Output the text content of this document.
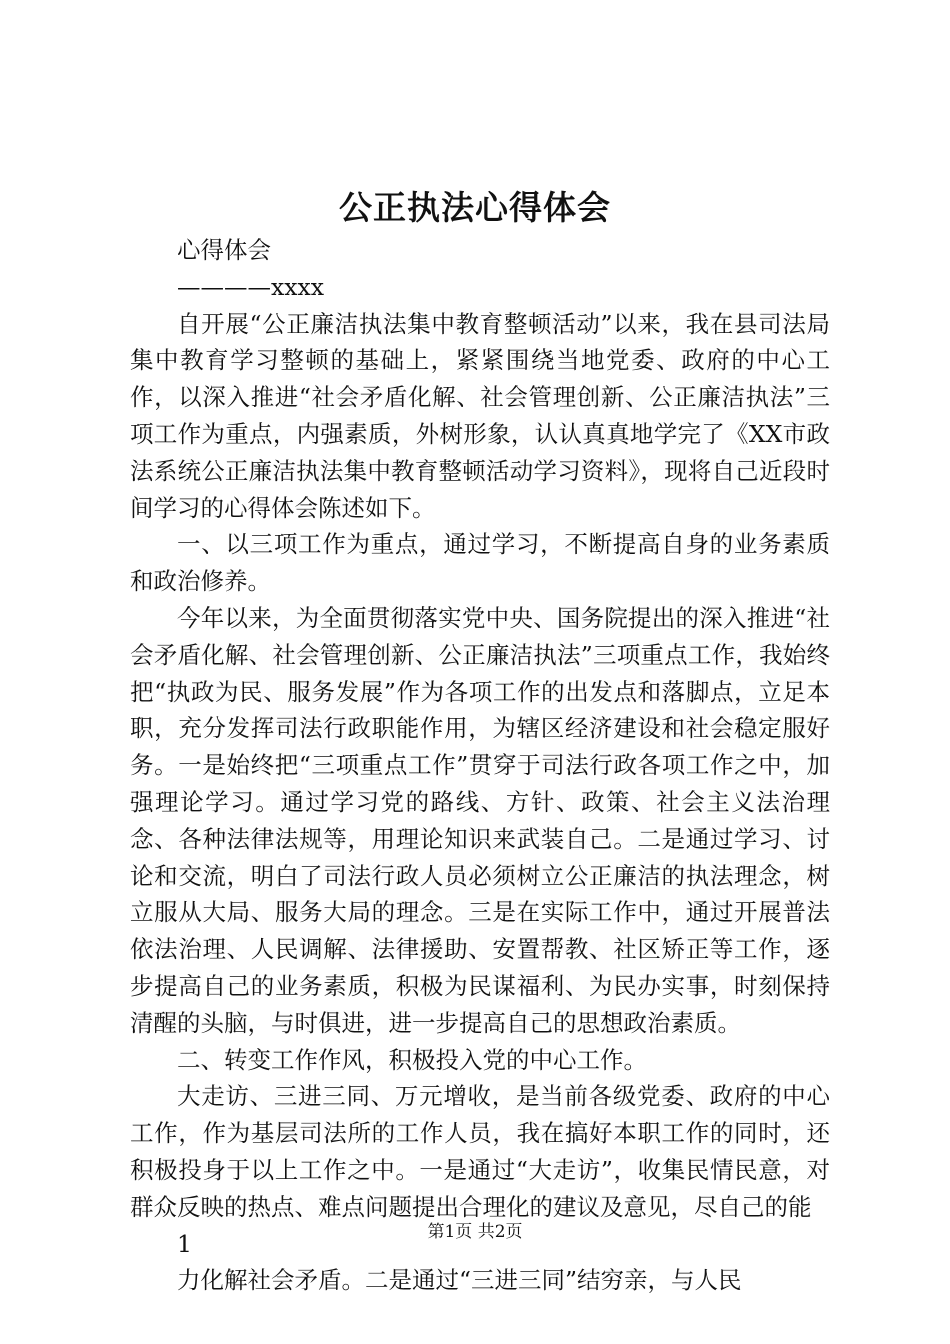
公正执法心得体会

心得体会

————xxxx

自开展“公正廉洁执法集中教育整顿活动”以来，我在县司法局集中教育学习整顿的基础上，紧紧围绕当地党委、政府的中心工作，以深入推进“社会矛盾化解、社会管理创新、公正廉洁执法”三项工作为重点，内强素质，外树形象，认认真真地学完了《XX市政法系统公正廉洁执法集中教育整顿活动学习资料》，现将自己近段时间学习的心得体会陈述如下。

一、以三项工作为重点，通过学习，不断提高自身的业务素质和政治修养。

今年以来，为全面贯彻落实党中央、国务院提出的深入推进“社会矛盾化解、社会管理创新、公正廉洁执法”三项重点工作，我始终把“执政为民、服务发展”作为各项工作的出发点和落脚点，立足本职，充分发挥司法行政职能作用，为辖区经济建设和社会稳定服好务。一是始终把“三项重点工作”贯穿于司法行政各项工作之中，加强理论学习。通过学习党的路线、方针、政策、社会主义法治理念、各种法律法规等，用理论知识来武装自己。二是通过学习、讨论和交流，明白了司法行政人员必须树立公正廉洁的执法理念，树立服从大局、服务大局的理念。三是在实际工作中，通过开展普法依法治理、人民调解、法律援助、安置帮教、社区矫正等工作，逐步提高自己的业务素质，积极为民谋福利、为民办实事，时刻保持清醒的头脑，与时俱进，进一步提高自己的思想政治素质。

二、转变工作作风，积极投入党的中心工作。

大走访、三进三同、万元增收，是当前各级党委、政府的中心工作，作为基层司法所的工作人员，我在搞好本职工作的同时，还积极投身于以上工作之中。一是通过“大走访”，收集民情民意，对群众反映的热点、难点问题提出合理化的建议及意见，尽自己的能

1

力化解社会矛盾。二是通过“三进三同”结穷亲，与人民

第1页 共2页
